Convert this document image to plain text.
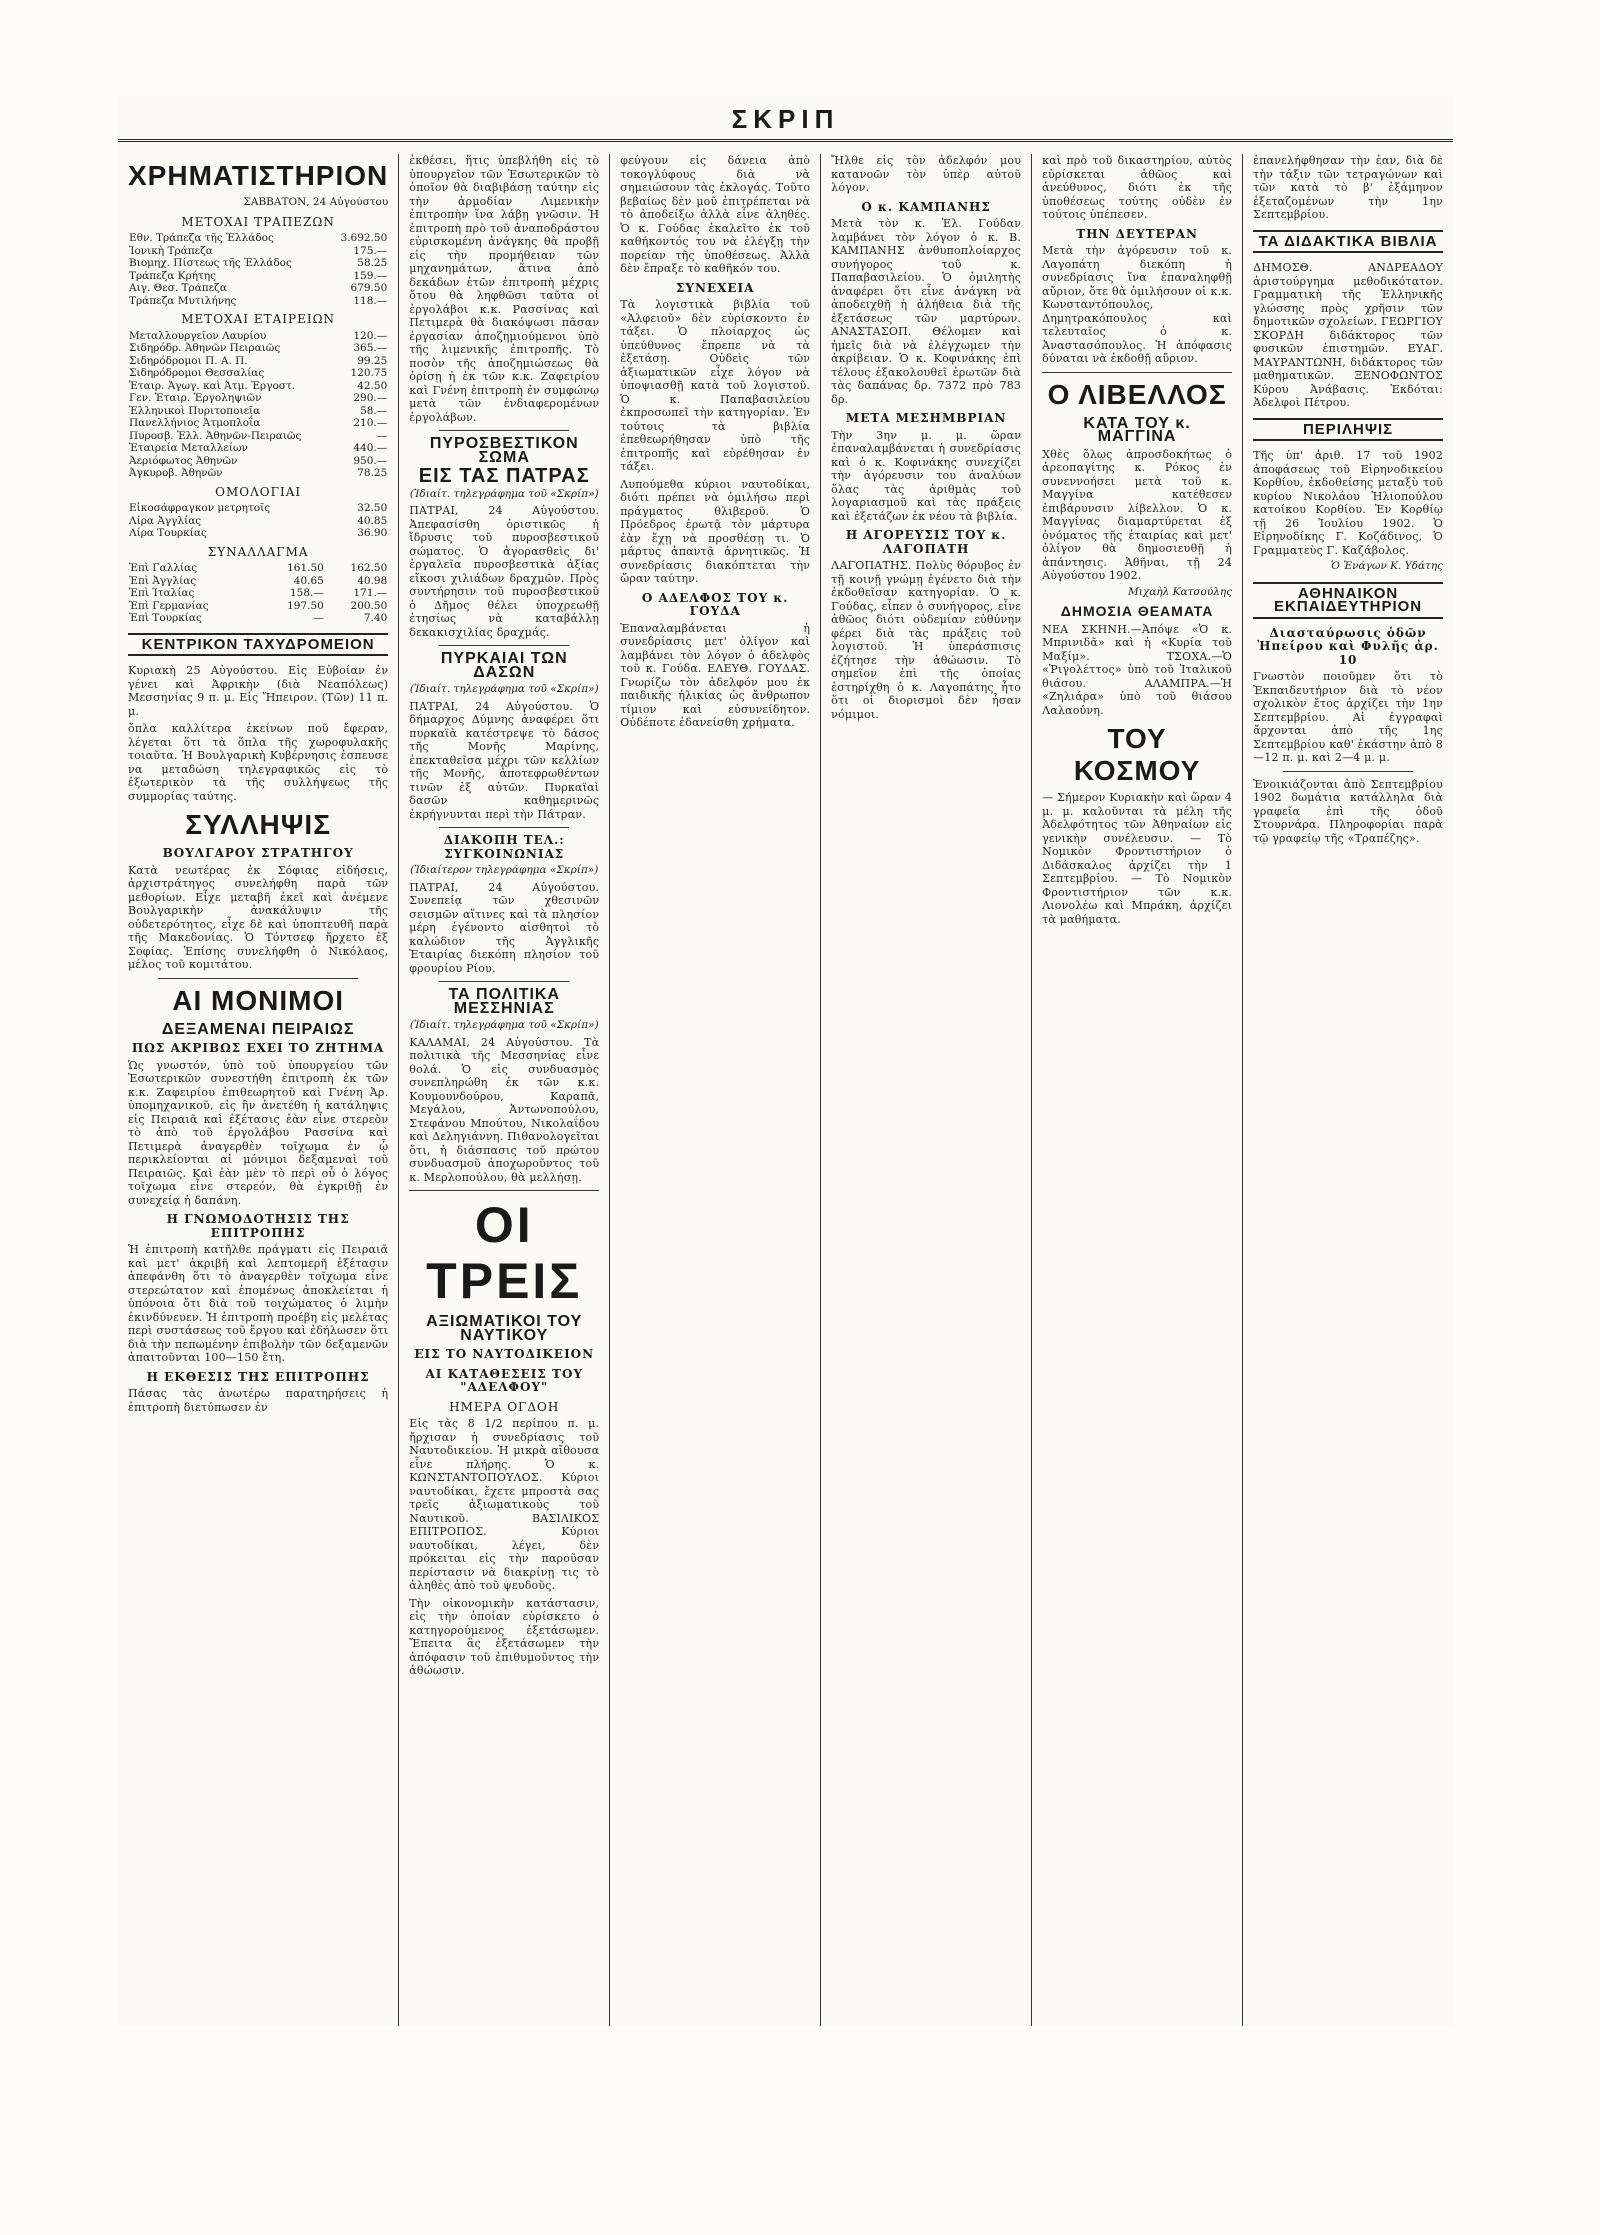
ΣΚΡΙΠ
ΧΡΗΜΑΤΙΣΤΗΡΙΟΝ
ΣΑΒΒΑΤΟΝ, 24 Αὐγούστου
ΜΕΤΟΧΑΙ ΤΡΑΠΕΖΩΝ
Εθν. Τράπεζα τῆς Ἑλλάδος	3.692.50
Ἰονικὴ Τράπεζα	175.—
Βιομηχ. Πίστεως τῆς Ἑλλάδος	58.25
Τράπεζα Κρήτης	159.—
Αιγ. Θεσ. Τράπεζα	679.50
Τράπεζα Μυτιλήνης	118.—
ΜΕΤΟΧΑΙ ΕΤΑΙΡΕΙΩΝ
Μεταλλουργεῖον Λαυρίου	120.—
Σιδηρόδρ. Ἀθηνῶν Πειραιῶς	365.—
Σιδηρόδρομοι Π. Α. Π.	99.25
Σιδηρόδρομοι Θεσσαλίας	120.75
Ἑταιρ. Ἀγωγ. καὶ Ἀτμ. Ἐργοστ.	42.50
Γεν. Ἑταιρ. Ἐργοληψιῶν	290.—
Ἑλληνικοὶ Πυριτοποιεῖα	58.—
Πανελλήνιος Ἀτμοπλοΐα	210.—
Πυροσβ. Ἑλλ. Ἀθηνῶν-Πειραιῶς	—
Ἑταιρεία Μεταλλείων	440.—
Ἀεριόφωτος Ἀθηνῶν	950.—
Ἀγκυροβ. Ἀθηνῶν	78.25
ΟΜΟΛΟΓΙΑΙ
Εἰκοσάφραγκον μετρητοῖς	32.50
Λίρα Ἀγγλίας	40.85
Λίρα Τουρκίας	36.90
ΣΥΝΑΛΛΑΓΜΑ
Ἐπὶ Γαλλίας	161.50	162.50
Ἐπὶ Ἀγγλίας	40.65	40.98
Ἐπὶ Ἰταλίας	158.—	171.—
Ἐπὶ Γερμανίας	197.50	200.50
Ἐπὶ Τουρκίας	—	7.40
ΚΕΝΤΡΙΚΟΝ ΤΑΧΥΔΡΟΜΕΙΟΝ
Κυριακὴ 25 Αὐγούστου. Εἰς Εὐβοίαν ἐν γένει καὶ Ἀφρικὴν (διὰ Νεαπόλεως) Μεσσηνίας 9 π. μ. Εἰς Ἤπειρον. (Τῶν) 11 π. μ.
ὅπλα καλλίτερα ἐκείνων ποῦ ἔφεραν, λέγεται ὅτι τὰ ὅπλα τῆς χωροφυλακῆς τοιαῦτα. Ἡ Βουλγαρικὴ Κυβέρνησις ἐσπευσε να μεταδώση τηλεγραφικῶς εἰς τὸ ἐξωτερικὸν τὰ τῆς συλλήψεως τῆς συμμορίας ταύτης.
ΣΥΛΛΗΨΙΣ
ΒΟΥΛΓΑΡΟΥ ΣΤΡΑΤΗΓΟΥ
Κατὰ νεωτέρας ἐκ Σόφιας εἰδήσεις, ἀρχιστράτηγος συνελήφθη παρὰ τῶν μεθορίων. Εἶχε μεταβῆ ἐκεῖ καὶ ἀνέμενε Βουλγαρικὴν ἀνακάλυψιν τῆς οὐδετερότητος, εἶχε δὲ καὶ ὑποπτευθῆ παρὰ τῆς Μακεδονίας. Ὁ Τόντσεφ ἤρχετο ἐξ Σοφίας. Ἐπίσης συνελήφθη ὁ Νικόλαος, μέλος τοῦ κομιτάτου.
ΑΙ ΜΟΝΙΜΟΙ
ΔΕΞΑΜΕΝΑΙ ΠΕΙΡΑΙΩΣ
ΠΩΣ ΑΚΡΙΒΩΣ ΕΧΕΙ ΤΟ ΖΗΤΗΜΑ
Ὡς γνωστόν, ὑπὸ τοῦ ὑπουργείου τῶν Ἐσωτερικῶν συνεστήθη ἐπιτροπὴ ἐκ τῶν κ.κ. Ζαφειρίου ἐπιθεωρητοῦ καὶ Γνένη Ἀρ. ὑπομηχανικοῦ, εἰς ἣν ἀνετέθη ἡ κατάληψις εἰς Πειραιᾶ καὶ ἐξέτασις ἐὰν εἶνε στερεὸν τὸ ἀπὸ τοῦ ἐργολάβου Ρασσίνα καὶ Πετιμερὰ ἀναγερθὲν τοῖχωμα ἐν ᾧ περικλείονται αἱ μόνιμοι δεξαμεναὶ τοῦ Πειραιῶς. Καὶ ἐὰν μὲν τὸ περὶ οὗ ὁ λόγος τοῖχωμα εἶνε στερεόν, θὰ ἐγκριθῇ ἐν συνεχείᾳ ἡ δαπάνη.
Η ΓΝΩΜΟΔΟΤΗΣΙΣ ΤΗΣ ΕΠΙΤΡΟΠΗΣ
Ἡ ἐπιτροπὴ κατῆλθε πράγματι εἰς Πειραιᾶ καὶ μετ' ἀκριβῆ καὶ λεπτομερῆ ἐξέτασιν ἀπεφάνθη ὅτι τὸ ἀναγερθὲν τοῖχωμα εἶνε στερεώτατον καὶ ἐπομένως ἀποκλείεται ἡ ὑπόνοια ὅτι διὰ τοῦ τοιχώματος ὁ λιμὴν ἐκινδύνευεν. Ἡ ἐπιτροπὴ προέβη εἰς μελέτας περὶ συστάσεως τοῦ ἔργου καὶ ἐδήλωσεν ὅτι διὰ τὴν πεπωμένην ἐπιβολὴν τῶν δεξαμενῶν ἀπαιτοῦνται 100—150 ἔτη.
Η ΕΚΘΕΣΙΣ ΤΗΣ ΕΠΙΤΡΟΠΗΣ
Πάσας τὰς ἀνωτέρω παρατηρήσεις ἡ ἐπιτροπὴ διετύπωσεν ἐν
ἐκθέσει, ἥτις ὑπεβλήθη εἰς τὸ ὑπουργεῖον τῶν Ἐσωτερικῶν τὸ ὁποῖον θὰ διαβιβάσῃ ταύτην εἰς τὴν ἁρμοδίαν Λιμενικὴν ἐπιτροπὴν ἵνα λάβῃ γνῶσιν. Ἡ ἐπιτροπὴ πρὸ τοῦ ἀναποδράστου εὑρισκομένη ἀνάγκης θὰ προβῇ εἰς τὴν προμήθειαν τῶν μηχανημάτων, ἅτινα ἀπὸ δεκάδων ἐτῶν ἐπιτροπὴ μέχρις ὅτου θὰ ληφθῶσι ταῦτα οἱ ἐργολάβοι κ.κ. Ρασσίνας καὶ Πετιμερὰ θὰ διακόψωσι πᾶσαν ἐργασίαν ἀποζημιούμενοι ὑπὸ τῆς λιμενικῆς ἐπιτροπῆς. Τὸ ποσὸν τῆς ἀποζημιώσεως θὰ ὁρίσῃ ἡ ἐκ τῶν κ.κ. Ζαφειρίου καὶ Γνένη ἐπιτροπὴ ἐν συμφώνῳ μετὰ τῶν ἐνδιαφερομένων ἐργολάβων.
ΠΥΡΟΣΒΕΣΤΙΚΟΝ ΣΩΜΑ
ΕΙΣ ΤΑΣ ΠΑΤΡΑΣ
(Ἰδιαίτ. τηλεγράφημα τοῦ «Σκρίπ»)
ΠΑΤΡΑΙ, 24 Αὐγούστου. Ἀπεφασίσθη ὁριστικῶς ἡ ἵδρυσις τοῦ πυροσβεστικοῦ σώματος. Ὁ ἀγορασθεὶς δι' ἐργαλεῖα πυροσβεστικὰ ἀξίας εἴκοσι χιλιάδων δραχμῶν. Πρὸς συντήρησιν τοῦ πυροσβεστικοῦ ὁ Δῆμος θέλει ὑποχρεωθῇ ἐτησίως νὰ καταβάλλῃ δεκακισχιλίας δραχμάς.
ΠΥΡΚΑΙΑΙ ΤΩΝ ΔΑΣΩΝ
(Ἰδιαίτ. τηλεγράφημα τοῦ «Σκρίπ»)
ΠΑΤΡΑΙ, 24 Αὐγούστου. Ὁ δήμαρχος Δύμνης ἀναφέρει ὅτι πυρκαϊὰ κατέστρεψε τὸ δάσος τῆς Μονῆς Μαρίνης, ἐπεκταθεῖσα μέχρι τῶν κελλίων τῆς Μονῆς, ἀποτεφρωθέντων τινῶν ἐξ αὐτῶν. Πυρκαϊαὶ δασῶν καθημερινῶς ἐκρήγνυνται περὶ τὴν Πάτραν.
ΔΙΑΚΟΠΗ ΤΕΛ.: ΣΥΓΚΟΙΝΩΝΙΑΣ
(Ἰδιαίτερον τηλεγράφημα «Σκρίπ»)
ΠΑΤΡΑΙ, 24 Αὐγούστου. Συνεπείᾳ τῶν χθεσινῶν σεισμῶν αἵτινες καὶ τὰ πλησίον μέρη ἐγένοντο αἰσθητοὶ τὸ καλώδιον τῆς Ἀγγλικῆς Ἑταιρίας διεκόπη πλησίον τοῦ φρουρίου Ρίου.
ΤΑ ΠΟΛΙΤΙΚΑ ΜΕΣΣΗΝΙΑΣ
(Ἰδιαίτ. τηλεγράφημα τοῦ «Σκρίπ»)
ΚΑΛΑΜΑΙ, 24 Αὐγούστου. Τὰ πολιτικὰ τῆς Μεσσηνίας εἶνε θολά. Ὁ εἰς συνδυασμὸς συνεπληρώθη ἐκ τῶν κ.κ. Κουμουνδούρου, Καραπᾶ, Μεγάλου, Ἀντωνοπούλου, Στεφάνου Μπούτου, Νικολαΐδου καὶ Δεληγιάννη. Πιθανολογεῖται ὅτι, ἡ διάσπασις τοῦ πρώτου συνδυασμοῦ ἀποχωροῦντος τοῦ κ. Μερλοπούλου, θὰ μελλήσῃ.
ΟΙ ΤΡΕΙΣ
ΑΞΙΩΜΑΤΙΚΟΙ ΤΟΥ ΝΑΥΤΙΚΟΥ
ΕΙΣ ΤΟ ΝΑΥΤΟΔΙΚΕΙΟΝ
ΑΙ ΚΑΤΑΘΕΣΕΙΣ ΤΟΥ "ΑΔΕΛΦΟΥ"
ΗΜΕΡΑ ΟΓΔΟΗ
Εἰς τὰς 8 1/2 περίπου π. μ. ἤρχισαν ἡ συνεδρίασις τοῦ Ναυτοδικείου. Ἡ μικρὰ αἴθουσα εἶνε πλήρης. Ὁ κ. ΚΩΝΣΤΑΝΤΟΠΟΥΛΟΣ. Κύριοι ναυτοδίκαι, ἔχετε μπροστὰ σας τρεῖς ἀξιωματικοὺς τοῦ Ναυτικοῦ. ΒΑΣΙΛΙΚΟΣ ΕΠΙΤΡΟΠΟΣ. Κύριοι ναυτοδίκαι, λέγει, δὲν πρόκειται εἰς τὴν παροῦσαν περίστασιν νὰ διακρίνῃ τις τὸ ἀληθὲς ἀπὸ τοῦ ψευδοῦς.
Τὴν οἰκονομικὴν κατάστασιν, εἰς τὴν ὁποίαν εὑρίσκετο ὁ κατηγορούμενος ἐξετάσωμεν. Ἔπειτα ἂς ἐξετάσωμεν τὴν ἀπόφασιν τοῦ ἐπιθυμοῦντος τὴν ἀθώωσιν.
φεύγουν εἰς δάνεια ἀπὸ τοκογλύφους διὰ νὰ σημειώσουν τὰς ἐκλογάς. Τοῦτο βεβαίως δὲν μοῦ ἐπιτρέπεται νὰ τὸ ἀποδείξω ἀλλὰ εἶνε ἀληθές. Ὁ κ. Γούδας ἐκαλεῖτο ἐκ τοῦ καθήκοντός του νὰ ἐλέγξῃ τὴν πορείαν τῆς ὑποθέσεως. Ἀλλὰ δὲν ἔπραξε τὸ καθῆκόν του.
ΣΥΝΕΧΕΙΑ
Τὰ λογιστικὰ βιβλία τοῦ «Ἀλφειοῦ» δὲν εὑρίσκοντο ἐν τάξει. Ὁ πλοίαρχος ὡς ὑπεύθυνος ἔπρεπε νὰ τὰ ἐξετάσῃ. Οὐδεὶς τῶν ἀξιωματικῶν εἶχε λόγον νὰ ὑποψιασθῇ κατὰ τοῦ λογιστοῦ. Ὁ κ. Παπαβασιλείου ἐκπροσωπεῖ τὴν κατηγορίαν. Ἐν τούτοις τὰ βιβλία ἐπεθεωρήθησαν ὑπὸ τῆς ἐπιτροπῆς καὶ εὑρέθησαν ἐν τάξει.
Λυπούμεθα κύριοι ναυτοδίκαι, διότι πρέπει νὰ ὁμιλήσω περὶ πράγματος θλιβεροῦ. Ὁ Πρόεδρος ἐρωτᾷ τὸν μάρτυρα ἐὰν ἔχῃ νὰ προσθέσῃ τι. Ὁ μάρτυς ἀπαντᾷ ἀρνητικῶς. Ἡ συνεδρίασις διακόπτεται τὴν ὥραν ταύτην.
Ο ΑΔΕΛΦΟΣ ΤΟΥ κ. ΓΟΥΔΑ
Ἐπαναλαμβάνεται ἡ συνεδρίασις μετ' ὀλίγον καὶ λαμβάνει τὸν λόγον ὁ ἀδελφὸς τοῦ κ. Γούδα. ΕΛΕΥΘ. ΓΟΥΔΑΣ. Γνωρίζω τὸν ἀδελφόν μου ἐκ παιδικῆς ἡλικίας ὡς ἄνθρωπον τίμιον καὶ εὐσυνείδητον. Οὐδέποτε ἐδανείσθη χρήματα.
Ἤλθε εἰς τὸν ἀδελφόν μου κατανοῶν τὸν ὑπὲρ αὐτοῦ λόγον.
Ο κ. ΚΑΜΠΑΝΗΣ
Μετὰ τὸν κ. Ἐλ. Γούδαν λαμβάνει τὸν λόγον ὁ κ. Β. ΚΑΜΠΑΝΗΣ ἀνθυποπλοίαρχος συνήγορος τοῦ κ. Παπαβασιλείου. Ὁ ὁμιλητὴς ἀναφέρει ὅτι εἶνε ἀνάγκη νὰ ἀποδειχθῇ ἡ ἀλήθεια διὰ τῆς ἐξετάσεως τῶν μαρτύρων. ΑΝΑΣΤΑΣΟΠ. Θέλομεν καὶ ἡμεῖς διὰ νὰ ἐλέγχωμεν τὴν ἀκρίβειαν. Ὁ κ. Κοφινάκης ἐπὶ τέλους ἐξακολουθεῖ ἐρωτῶν διὰ τὰς δαπάνας δρ. 7372 πρὸ 783 δρ.
ΜΕΤΑ ΜΕΣΗΜΒΡΙΑΝ
Τὴν 3ην μ. μ. ὥραν ἐπαναλαμβάνεται ἡ συνεδρίασις καὶ ὁ κ. Κοφινάκης συνεχίζει τὴν ἀγόρευσιν του ἀναλύων ὅλας τὰς ἀριθμὰς τοῦ λογαριασμοῦ καὶ τὰς πράξεις καὶ ἐξετάζων ἐκ νέου τὰ βιβλία.
Η ΑΓΟΡΕΥΣΙΣ ΤΟΥ κ. ΛΑΓΟΠΑΤΗ
ΛΑΓΟΠΑΤΗΣ. Πολὺς θόρυβος ἐν τῇ κοινῇ γνώμῃ ἐγένετο διὰ τὴν ἐκδοθεῖσαν κατηγορίαν. Ὁ κ. Γούδας, εἶπεν ὁ συνήγορος, εἶνε ἀθῶος διότι οὐδεμίαν εὐθύνην φέρει διὰ τὰς πράξεις τοῦ λογιστοῦ. Ἡ ὑπεράσπισις ἐζήτησε τὴν ἀθώωσιν. Τὸ σημεῖον ἐπὶ τῆς ὁποίας ἐστηρίχθη ὁ κ. Λαγοπάτης ἦτο ὅτι οἱ διορισμοὶ δὲν ἦσαν νόμιμοι.
καὶ πρὸ τοῦ δικαστηρίου, αὐτὸς εὑρίσκεται ἀθῶος καὶ ἀνεύθυνος, διότι ἐκ τῆς ὑποθέσεως τούτης οὐδὲν ἐν τούτοις ὑπέπεσεν.
ΤΗΝ ΔΕΥΤΕΡΑΝ
Μετὰ τὴν ἀγόρευσιν τοῦ κ. Λαγοπάτη διεκόπη ἡ συνεδρίασις ἵνα ἐπαναληφθῇ αὔριον, ὅτε θὰ ὁμιλήσουν οἱ κ.κ. Κωνσταντόπουλος, Δημητρακόπουλος καὶ τελευταῖος ὁ κ. Ἀναστασόπουλος. Ἡ ἀπόφασις δύναται νὰ ἐκδοθῇ αὔριον.
Ο ΛΙΒΕΛΛΟΣ
ΚΑΤΑ ΤΟΥ κ. ΜΑΓΓΙΝΑ
Χθὲς ὅλως ἀπροσδοκήτως ὁ ἀρεοπαγίτης κ. Ρόκος ἐν συνεννοήσει μετὰ τοῦ κ. Μαγγίνα κατέθεσεν ἐπιβάρυνσιν λίβελλον. Ὁ κ. Μαγγίνας διαμαρτύρεται ἐξ ὀνόματος τῆς ἐταιρίας καὶ μετ' ὀλίγον θὰ δημοσιευθῇ ἡ ἀπάντησις. Ἀθῆναι, τῇ 24 Αὐγούστου 1902.
Μιχαὴλ Κατσούλης
ΔΗΜΟΣΙΑ ΘΕΑΜΑΤΑ
ΝΕΑ ΣΚΗΝΗ.—Ἀπόψε «Ὁ κ. Μπρινιδᾶ» καὶ ἡ «Κυρία τοῦ Μαξίμ». ΤΣΟΧΑ.—Ὁ «Ῥιγολέττος» ὑπὸ τοῦ Ἰταλικοῦ θιάσου. ΑΛΑΜΠΡΑ.—Ἡ «Ζηλιάρα» ὑπὸ τοῦ θιάσου Λαλαούνη.
ΤΟΥ ΚΟΣΜΟΥ
— Σήμερον Κυριακὴν καὶ ὥραν 4 μ. μ. καλοῦνται τὰ μέλη τῆς Ἀδελφότητος τῶν Ἀθηναίων εἰς γενικὴν συνέλευσιν. — Τὸ Νομικὸν Φροντιστήριον ὁ Διδάσκαλος ἀρχίζει τὴν 1 Σεπτεμβρίου. — Τὸ Νομικὸν Φροντιστήριον τῶν κ.κ. Λιονολέω καὶ Μπράκη, ἀρχίζει τὰ μαθήματα.
ἐπανελήφθησαν τὴν ἐαν, διὰ δὲ τὴν τάξιν τῶν τετραγώνων καὶ τῶν κατὰ τὸ β' ἐξάμηνον ἐξεταζομένων τὴν 1ην Σεπτεμβρίου.
ΤΑ ΔΙΔΑΚΤΙΚΑ ΒΙΒΛΙΑ
ΔΗΜΟΣΘ. ΑΝΔΡΕΑΔΟΥ ἀριστούργημα μεθοδικότατον. Γραμματικὴ τῆς Ἑλληνικῆς γλώσσης πρὸς χρῆσιν τῶν δημοτικῶν σχολείων. ΓΕΩΡΓΙΟΥ ΣΚΟΡΔΗ διδάκτορος τῶν φυσικῶν ἐπιστημῶν. ΕΥΑΓ. ΜΑΥΡΑΝΤΩΝΗ, διδάκτορος τῶν μαθηματικῶν. ΞΕΝΟΦΩΝΤΟΣ Κύρου Ἀνάβασις. Ἐκδόται: Ἀδελφοὶ Πέτρου.
ΠΕΡΙΛΗΨΙΣ
Τῆς ὑπ' ἀριθ. 17 τοῦ 1902 ἀποφάσεως τοῦ Εἰρηνοδικείου Κορθίου, ἐκδοθείσης μεταξὺ τοῦ κυρίου Νικολάου Ἠλιοπούλου κατοίκου Κορθίου. Ἐν Κορθίῳ τῇ 26 Ἰουλίου 1902. Ὁ Εἰρηνοδίκης Γ. Κοζάδινος, Ὁ Γραμματεὺς Γ. Καζάβολος.
Ὁ Ἐνάγων Κ. Υδάτης
ΑΘΗΝΑΙΚΟΝ ΕΚΠΑΙΔΕΥΤΗΡΙΟΝ
Διασταύρωσις ὁδῶν Ἠπείρου καὶ Φυλῆς ἀρ. 10
Γνωστὸν ποιοῦμεν ὅτι τὸ Ἐκπαιδευτήριον διὰ τὸ νέον σχολικὸν ἔτος ἀρχίζει τὴν 1ην Σεπτεμβρίου. Αἱ ἐγγραφαὶ ἄρχονται ἀπὸ τῆς 1ης Σεπτεμβρίου καθ' ἑκάστην ἀπὸ 8—12 π. μ. καὶ 2—4 μ. μ.
Ἐνοικιάζονται ἀπὸ Σεπτεμβρίου 1902 δωμάτια κατάλληλα διὰ γραφεῖα ἐπὶ τῆς ὁδοῦ Στουρνάρα. Πληροφορίαι παρὰ τῷ γραφείῳ τῆς «Τραπέζης».
